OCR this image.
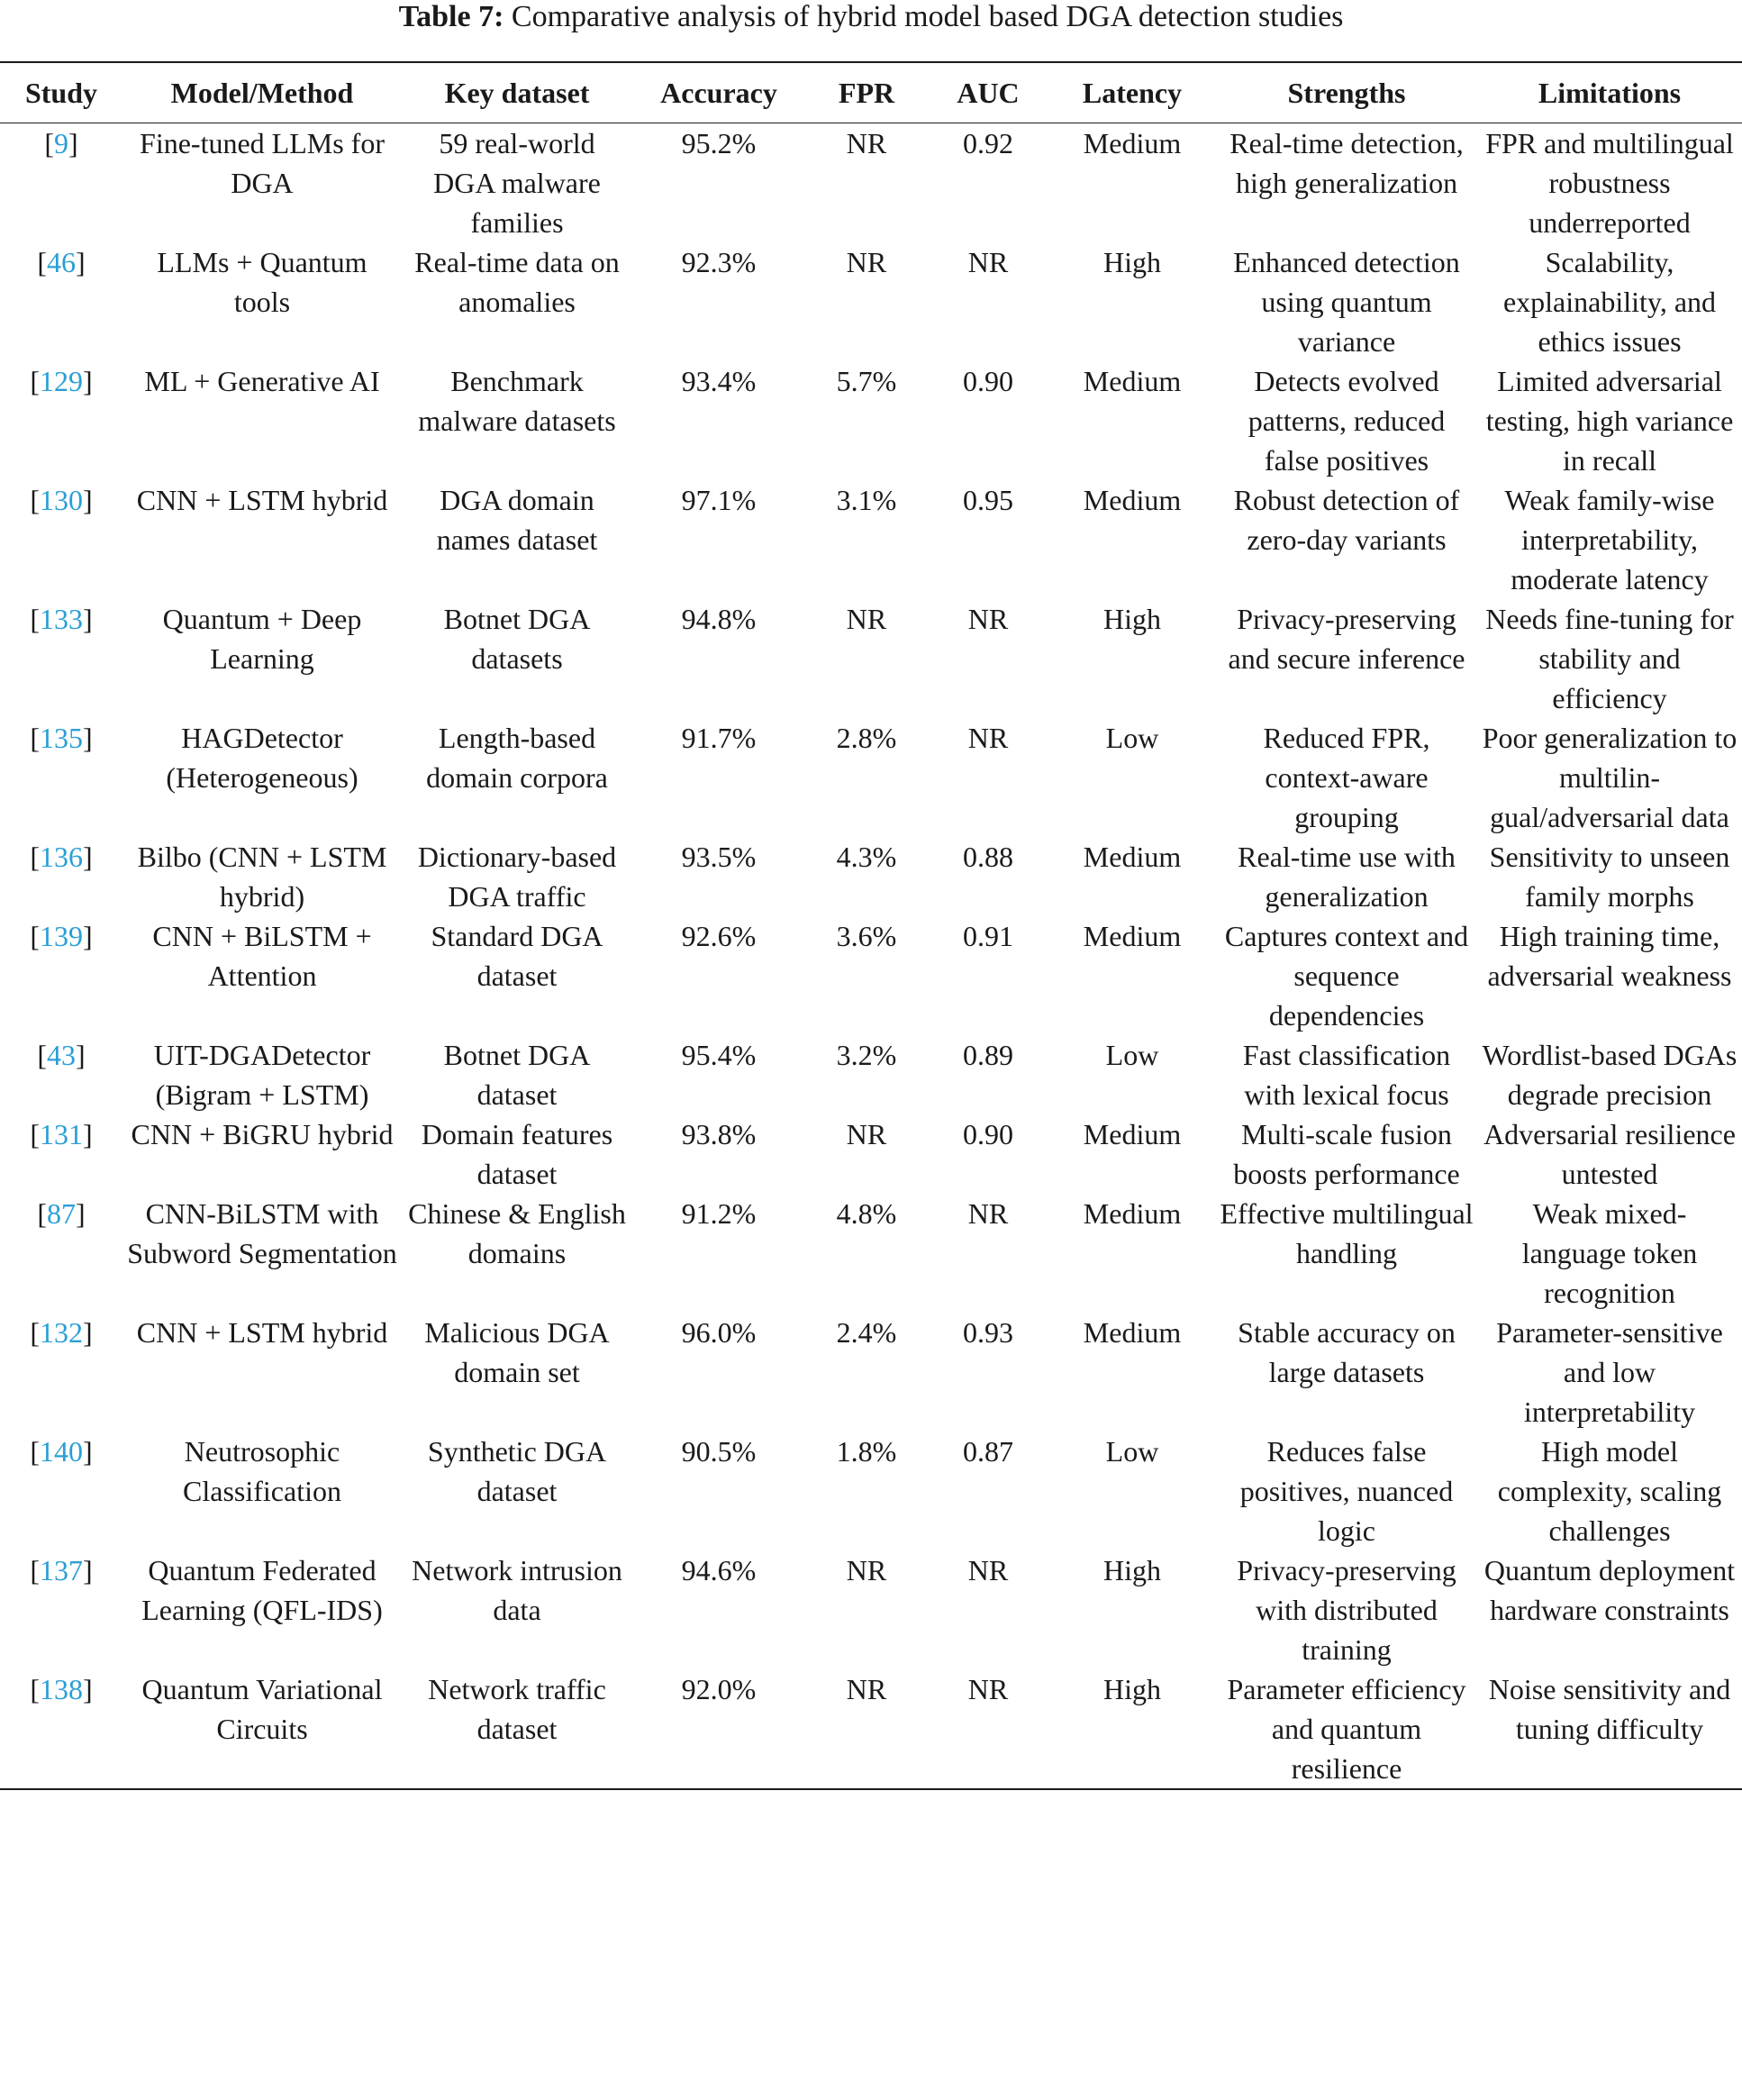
Table 7: Comparative analysis of hybrid model based DGA detection studies
Study	Model/Method	Key dataset	Accuracy	FPR	AUC	Latency	Strengths	Limitations
[9]	Fine-tuned LLMs for DGA	59 real-world DGA malware families	95.2%	NR	0.92	Medium	Real-time detection, high generalization	FPR and multilingual robustness underreported
[46]	LLMs + Quantum tools	Real-time data on anomalies	92.3%	NR	NR	High	Enhanced detection using quantum variance	Scalability, explainability, and ethics issues
[129]	ML + Generative AI	Benchmark malware datasets	93.4%	5.7%	0.90	Medium	Detects evolved patterns, reduced false positives	Limited adversarial testing, high variance in recall
[130]	CNN + LSTM hybrid	DGA domain names dataset	97.1%	3.1%	0.95	Medium	Robust detection of zero-day variants	Weak family-wise interpretability, moderate latency
[133]	Quantum + Deep Learning	Botnet DGA datasets	94.8%	NR	NR	High	Privacy-preserving and secure inference	Needs fine-tuning for stability and efficiency
[135]	HAGDetector (Heterogeneous)	Length-based domain corpora	91.7%	2.8%	NR	Low	Reduced FPR, context-aware grouping	Poor generalization to multilin-gual/adversarial data
[136]	Bilbo (CNN + LSTM hybrid)	Dictionary-based DGA traffic	93.5%	4.3%	0.88	Medium	Real-time use with generalization	Sensitivity to unseen family morphs
[139]	CNN + BiLSTM + Attention	Standard DGA dataset	92.6%	3.6%	0.91	Medium	Captures context and sequence dependencies	High training time, adversarial weakness
[43]	UIT-DGADetector (Bigram + LSTM)	Botnet DGA dataset	95.4%	3.2%	0.89	Low	Fast classification with lexical focus	Wordlist-based DGAs degrade precision
[131]	CNN + BiGRU hybrid	Domain features dataset	93.8%	NR	0.90	Medium	Multi-scale fusion boosts performance	Adversarial resilience untested
[87]	CNN-BiLSTM with Subword Segmentation	Chinese & English domains	91.2%	4.8%	NR	Medium	Effective multilingual handling	Weak mixed-language token recognition
[132]	CNN + LSTM hybrid	Malicious DGA domain set	96.0%	2.4%	0.93	Medium	Stable accuracy on large datasets	Parameter-sensitive and low interpretability
[140]	Neutrosophic Classification	Synthetic DGA dataset	90.5%	1.8%	0.87	Low	Reduces false positives, nuanced logic	High model complexity, scaling challenges
[137]	Quantum Federated Learning (QFL-IDS)	Network intrusion data	94.6%	NR	NR	High	Privacy-preserving with distributed training	Quantum deployment hardware constraints
[138]	Quantum Variational Circuits	Network traffic dataset	92.0%	NR	NR	High	Parameter efficiency and quantum resilience	Noise sensitivity and tuning difficulty
